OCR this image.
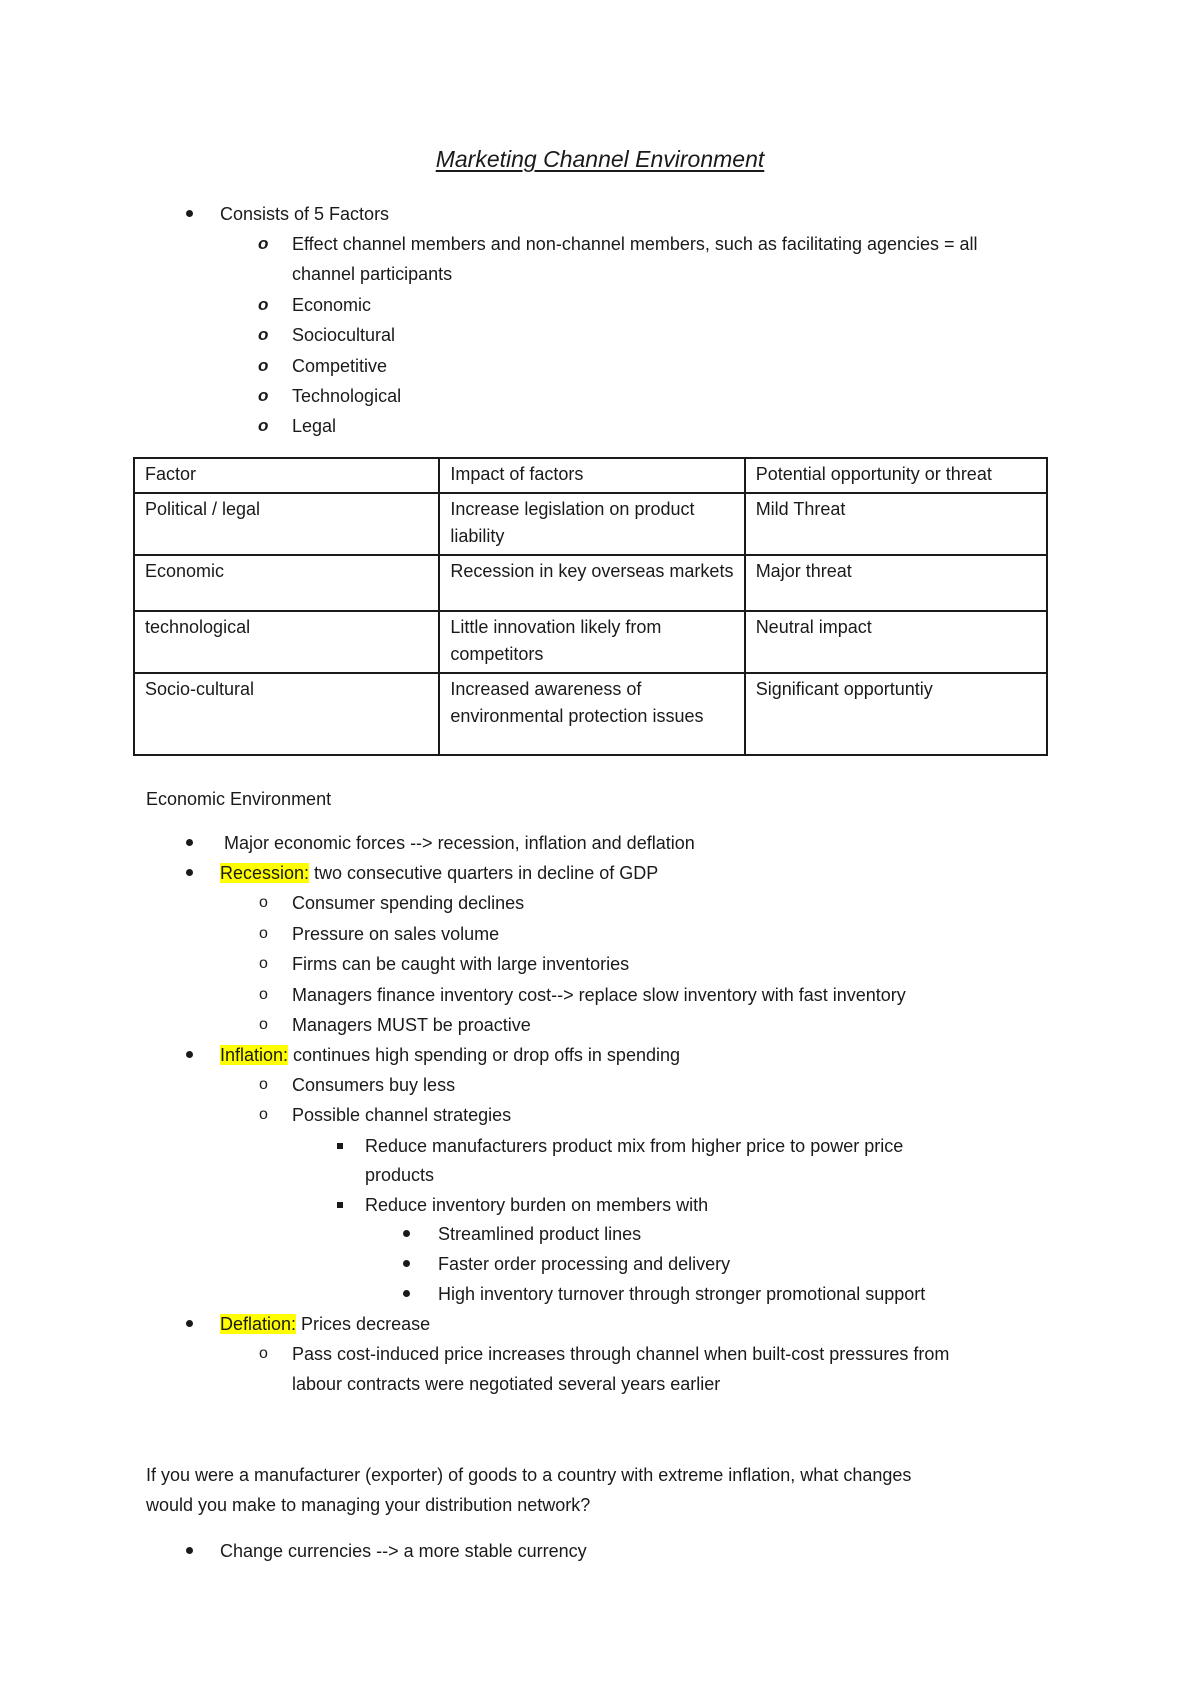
Marketing Channel Environment
Consists of 5 Factors
o Effect channel members and non-channel members, such as facilitating agencies = all
channel participants
o Economic
o Sociocultural
o Competitive
o Technological
o Legal
Factor	Impact of factors	Potential opportunity or threat
Political / legal	Increase legislation on product liability	Mild Threat
Economic	Recession in key overseas markets	Major threat
technological	Little innovation likely from competitors	Neutral impact
Socio-cultural	Increased awareness of environmental protection issues	Significant opportuntiy
Economic Environment
Major economic forces --> recession, inflation and deflation
Recession: two consecutive quarters in decline of GDP
o Consumer spending declines
o Pressure on sales volume
o Firms can be caught with large inventories
o Managers finance inventory cost--> replace slow inventory with fast inventory
o Managers MUST be proactive
Inflation: continues high spending or drop offs in spending
o Consumers buy less
o Possible channel strategies
Reduce manufacturers product mix from higher price to power price
products
Reduce inventory burden on members with
Streamlined product lines
Faster order processing and delivery
High inventory turnover through stronger promotional support
Deflation: Prices decrease
o Pass cost-induced price increases through channel when built-cost pressures from
labour contracts were negotiated several years earlier
If you were a manufacturer (exporter) of goods to a country with extreme inflation, what changes
would you make to managing your distribution network?
Change currencies --> a more stable currency
